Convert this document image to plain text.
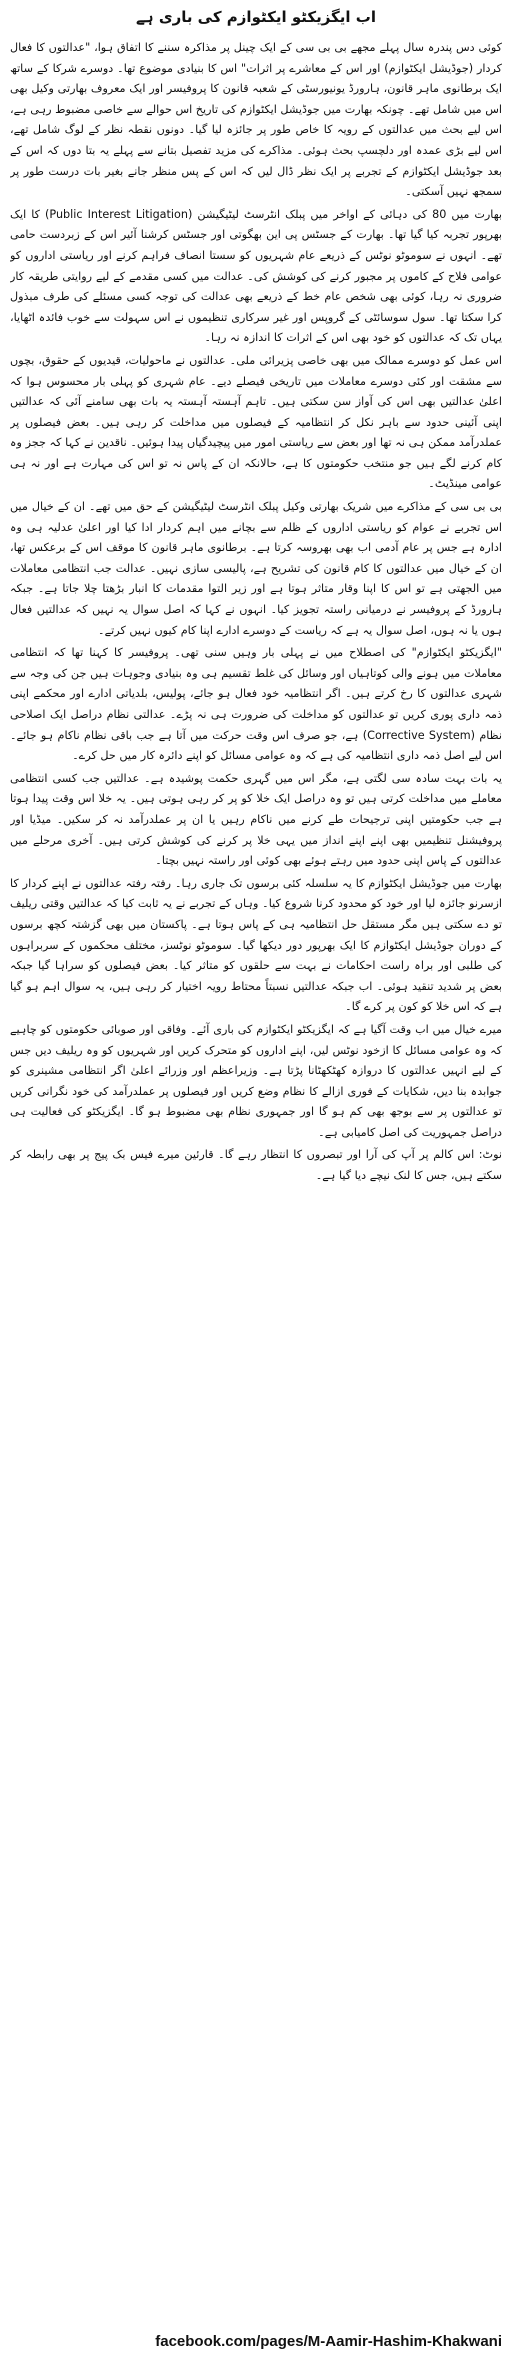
اب ایگزیکٹو ایکٹوازم کی باری ہے

کوئی دس پندرہ سال پہلے مجھے بی بی سی کے ایک چینل پر مذاکرہ سننے کا اتفاق ہوا، "عدالتوں کا فعال کردار (جوڈیشل ایکٹوازم) اور اس کے معاشرے پر اثرات" اس کا بنیادی موضوع تھا۔ دوسرے شرکا کے ساتھ ایک برطانوی ماہر قانون، ہارورڈ یونیورسٹی کے شعبہ قانون کا پروفیسر اور ایک معروف بھارتی وکیل بھی اس میں شامل تھے۔ چونکہ بھارت میں جوڈیشل ایکٹوازم کی تاریخ اس حوالے سے خاصی مضبوط رہی ہے، اس لیے بحث میں عدالتوں کے رویہ کا خاص طور پر جائزہ لیا گیا۔ دونوں نقطہ نظر کے لوگ شامل تھے، اس لیے بڑی عمدہ اور دلچسپ بحث ہوئی۔ مذاکرے کی مزید تفصیل بتانے سے پہلے یہ بتا دوں کہ اس کے بعد جوڈیشل ایکٹوازم کے تجربے پر ایک نظر ڈال لیں کہ اس کے پس منظر جانے بغیر بات درست طور پر سمجھ نہیں آسکتی۔

بھارت میں 80 کی دہائی کے اواخر میں پبلک انٹرسٹ لیٹیگیشن (Public Interest Litigation) کا ایک بھرپور تجربہ کیا گیا تھا۔ بھارت کے جسٹس پی این بھگوتی اور جسٹس کرشنا آئیر اس کے زبردست حامی تھے۔ انہوں نے سوموٹو نوٹس کے ذریعے عام شہریوں کو سستا انصاف فراہم کرنے اور ریاستی اداروں کو عوامی فلاح کے کاموں پر مجبور کرنے کی کوشش کی۔ عدالت میں کسی مقدمے کے لیے روایتی طریقہ کار ضروری نہ رہا، کوئی بھی شخص عام خط کے ذریعے بھی عدالت کی توجہ کسی مسئلے کی طرف مبذول کرا سکتا تھا۔ سول سوسائٹی کے گروپس اور غیر سرکاری تنظیموں نے اس سہولت سے خوب فائدہ اٹھایا، یہاں تک کہ عدالتوں کو خود بھی اس کے اثرات کا اندازہ نہ رہا۔

اس عمل کو دوسرے ممالک میں بھی خاصی پزیرائی ملی۔ عدالتوں نے ماحولیات، قیدیوں کے حقوق، بچوں سے مشقت اور کئی دوسرے معاملات میں تاریخی فیصلے دیے۔ عام شہری کو پہلی بار محسوس ہوا کہ اعلیٰ عدالتیں بھی اس کی آواز سن سکتی ہیں۔ تاہم آہستہ آہستہ یہ بات بھی سامنے آئی کہ عدالتیں اپنی آئینی حدود سے باہر نکل کر انتظامیہ کے فیصلوں میں مداخلت کر رہی ہیں۔ بعض فیصلوں پر عملدرآمد ممکن ہی نہ تھا اور بعض سے ریاستی امور میں پیچیدگیاں پیدا ہوئیں۔ ناقدین نے کہا کہ ججز وہ کام کرنے لگے ہیں جو منتخب حکومتوں کا ہے، حالانکہ ان کے پاس نہ تو اس کی مہارت ہے اور نہ ہی عوامی مینڈیٹ۔

بی بی سی کے مذاکرے میں شریک بھارتی وکیل پبلک انٹرسٹ لیٹیگیشن کے حق میں تھے۔ ان کے خیال میں اس تجربے نے عوام کو ریاستی اداروں کے ظلم سے بچانے میں اہم کردار ادا کیا اور اعلیٰ عدلیہ ہی وہ ادارہ ہے جس پر عام آدمی اب بھی بھروسہ کرتا ہے۔ برطانوی ماہر قانون کا موقف اس کے برعکس تھا، ان کے خیال میں عدالتوں کا کام قانون کی تشریح ہے، پالیسی سازی نہیں۔ عدالت جب انتظامی معاملات میں الجھتی ہے تو اس کا اپنا وقار متاثر ہوتا ہے اور زیر التوا مقدمات کا انبار بڑھتا چلا جاتا ہے۔ جبکہ ہارورڈ کے پروفیسر نے درمیانی راستہ تجویز کیا۔ انہوں نے کہا کہ اصل سوال یہ نہیں کہ عدالتیں فعال ہوں یا نہ ہوں، اصل سوال یہ ہے کہ ریاست کے دوسرے ادارے اپنا کام کیوں نہیں کرتے۔

"ایگزیکٹو ایکٹوازم" کی اصطلاح میں نے پہلی بار وہیں سنی تھی۔ پروفیسر کا کہنا تھا کہ انتظامی معاملات میں ہونے والی کوتاہیاں اور وسائل کی غلط تقسیم ہی وہ بنیادی وجوہات ہیں جن کی وجہ سے شہری عدالتوں کا رخ کرتے ہیں۔ اگر انتظامیہ خود فعال ہو جائے، پولیس، بلدیاتی ادارے اور محکمے اپنی ذمہ داری پوری کریں تو عدالتوں کو مداخلت کی ضرورت ہی نہ پڑے۔ عدالتی نظام دراصل ایک اصلاحی نظام (Corrective System) ہے، جو صرف اس وقت حرکت میں آتا ہے جب باقی نظام ناکام ہو جائے۔ اس لیے اصل ذمہ داری انتظامیہ کی ہے کہ وہ عوامی مسائل کو اپنے دائرہ کار میں حل کرے۔

یہ بات بہت سادہ سی لگتی ہے، مگر اس میں گہری حکمت پوشیدہ ہے۔ عدالتیں جب کسی انتظامی معاملے میں مداخلت کرتی ہیں تو وہ دراصل ایک خلا کو پر کر رہی ہوتی ہیں۔ یہ خلا اس وقت پیدا ہوتا ہے جب حکومتیں اپنی ترجیحات طے کرنے میں ناکام رہیں یا ان پر عملدرآمد نہ کر سکیں۔ میڈیا اور پروفیشنل تنظیمیں بھی اپنے اپنے انداز میں یہی خلا پر کرنے کی کوشش کرتی ہیں۔ آخری مرحلے میں عدالتوں کے پاس اپنی حدود میں رہتے ہوئے بھی کوئی اور راستہ نہیں بچتا۔

بھارت میں جوڈیشل ایکٹوازم کا یہ سلسلہ کئی برسوں تک جاری رہا۔ رفتہ رفتہ عدالتوں نے اپنے کردار کا ازسرنو جائزہ لیا اور خود کو محدود کرنا شروع کیا۔ وہاں کے تجربے نے یہ ثابت کیا کہ عدالتیں وقتی ریلیف تو دے سکتی ہیں مگر مستقل حل انتظامیہ ہی کے پاس ہوتا ہے۔ پاکستان میں بھی گزشتہ کچھ برسوں کے دوران جوڈیشل ایکٹوازم کا ایک بھرپور دور دیکھا گیا۔ سوموٹو نوٹسز، مختلف محکموں کے سربراہوں کی طلبی اور براہ راست احکامات نے بہت سے حلقوں کو متاثر کیا۔ بعض فیصلوں کو سراہا گیا جبکہ بعض پر شدید تنقید ہوئی۔ اب جبکہ عدالتیں نسبتاً محتاط رویہ اختیار کر رہی ہیں، یہ سوال اہم ہو گیا ہے کہ اس خلا کو کون پر کرے گا۔

میرے خیال میں اب وقت آگیا ہے کہ ایگزیکٹو ایکٹوازم کی باری آئے۔ وفاقی اور صوبائی حکومتوں کو چاہیے کہ وہ عوامی مسائل کا ازخود نوٹس لیں، اپنے اداروں کو متحرک کریں اور شہریوں کو وہ ریلیف دیں جس کے لیے انہیں عدالتوں کا دروازہ کھٹکھٹانا پڑتا ہے۔ وزیراعظم اور وزرائے اعلیٰ اگر انتظامی مشینری کو جوابدہ بنا دیں، شکایات کے فوری ازالے کا نظام وضع کریں اور فیصلوں پر عملدرآمد کی خود نگرانی کریں تو عدالتوں پر سے بوجھ بھی کم ہو گا اور جمہوری نظام بھی مضبوط ہو گا۔ ایگزیکٹو کی فعالیت ہی دراصل جمہوریت کی اصل کامیابی ہے۔

نوٹ: اس کالم پر آپ کی آرا اور تبصروں کا انتظار رہے گا۔ قارئین میرے فیس بک پیج پر بھی رابطہ کر سکتے ہیں، جس کا لنک نیچے دیا گیا ہے۔

facebook.com/pages/M-Aamir-Hashim-Khakwani
